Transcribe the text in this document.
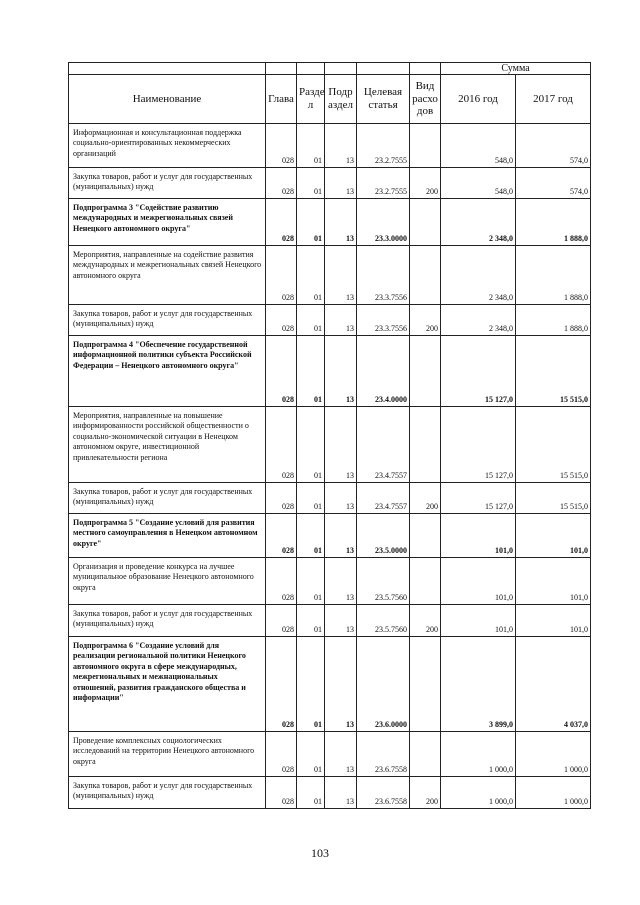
						Сумма	
Наименование	Глава	Разде л	Подр аздел	Целевая статья	Вид расхо дов	2016 год	2017 год
Информационная и консультационная поддержка социально-ориентированных некоммерческих организаций	028	01	13	23.2.7555		548,0	574,0
Закупка товаров, работ и услуг для государственных (муниципальных) нужд	028	01	13	23.2.7555	200	548,0	574,0
Подпрограмма 3 "Содействие развитию международных и межрегиональных связей Ненецкого автономного округа"	028	01	13	23.3.0000		2 348,0	1 888,0
Мероприятия, направленные на содействие развития международных и межрегиональных связей Ненецкого автономного округа	028	01	13	23.3.7556		2 348,0	1 888,0
Закупка товаров, работ и услуг для государственных (муниципальных) нужд	028	01	13	23.3.7556	200	2 348,0	1 888,0
Подпрограмма 4 "Обеспечение государственной информационной политики субъекта Российской Федерации – Ненецкого автономного округа"	028	01	13	23.4.0000		15 127,0	15 515,0
Мероприятия, направленные на повышение информированности российской общественности о социально-экономической ситуации в Ненецком автономном округе, инвестиционной привлекательности региона	028	01	13	23.4.7557		15 127,0	15 515,0
Закупка товаров, работ и услуг для государственных (муниципальных) нужд	028	01	13	23.4.7557	200	15 127,0	15 515,0
Подпрограмма 5 "Создание условий для развития местного самоуправления в Ненецком автономном округе"	028	01	13	23.5.0000		101,0	101,0
Организация и проведение конкурса на лучшее муниципальное образование Ненецкого автономного округа	028	01	13	23.5.7560		101,0	101,0
Закупка товаров, работ и услуг для государственных (муниципальных) нужд	028	01	13	23.5.7560	200	101,0	101,0
Подпрограмма 6 "Создание условий для реализации региональной политики Ненецкого автономного округа в сфере международных, межрегиональных и межнациональных отношений, развития гражданского общества и информации"	028	01	13	23.6.0000		3 899,0	4 037,0
Проведение комплексных социологических исследований на территории Ненецкого автономного округа	028	01	13	23.6.7558		1 000,0	1 000,0
Закупка товаров, работ и услуг для государственных (муниципальных) нужд	028	01	13	23.6.7558	200	1 000,0	1 000,0
103
